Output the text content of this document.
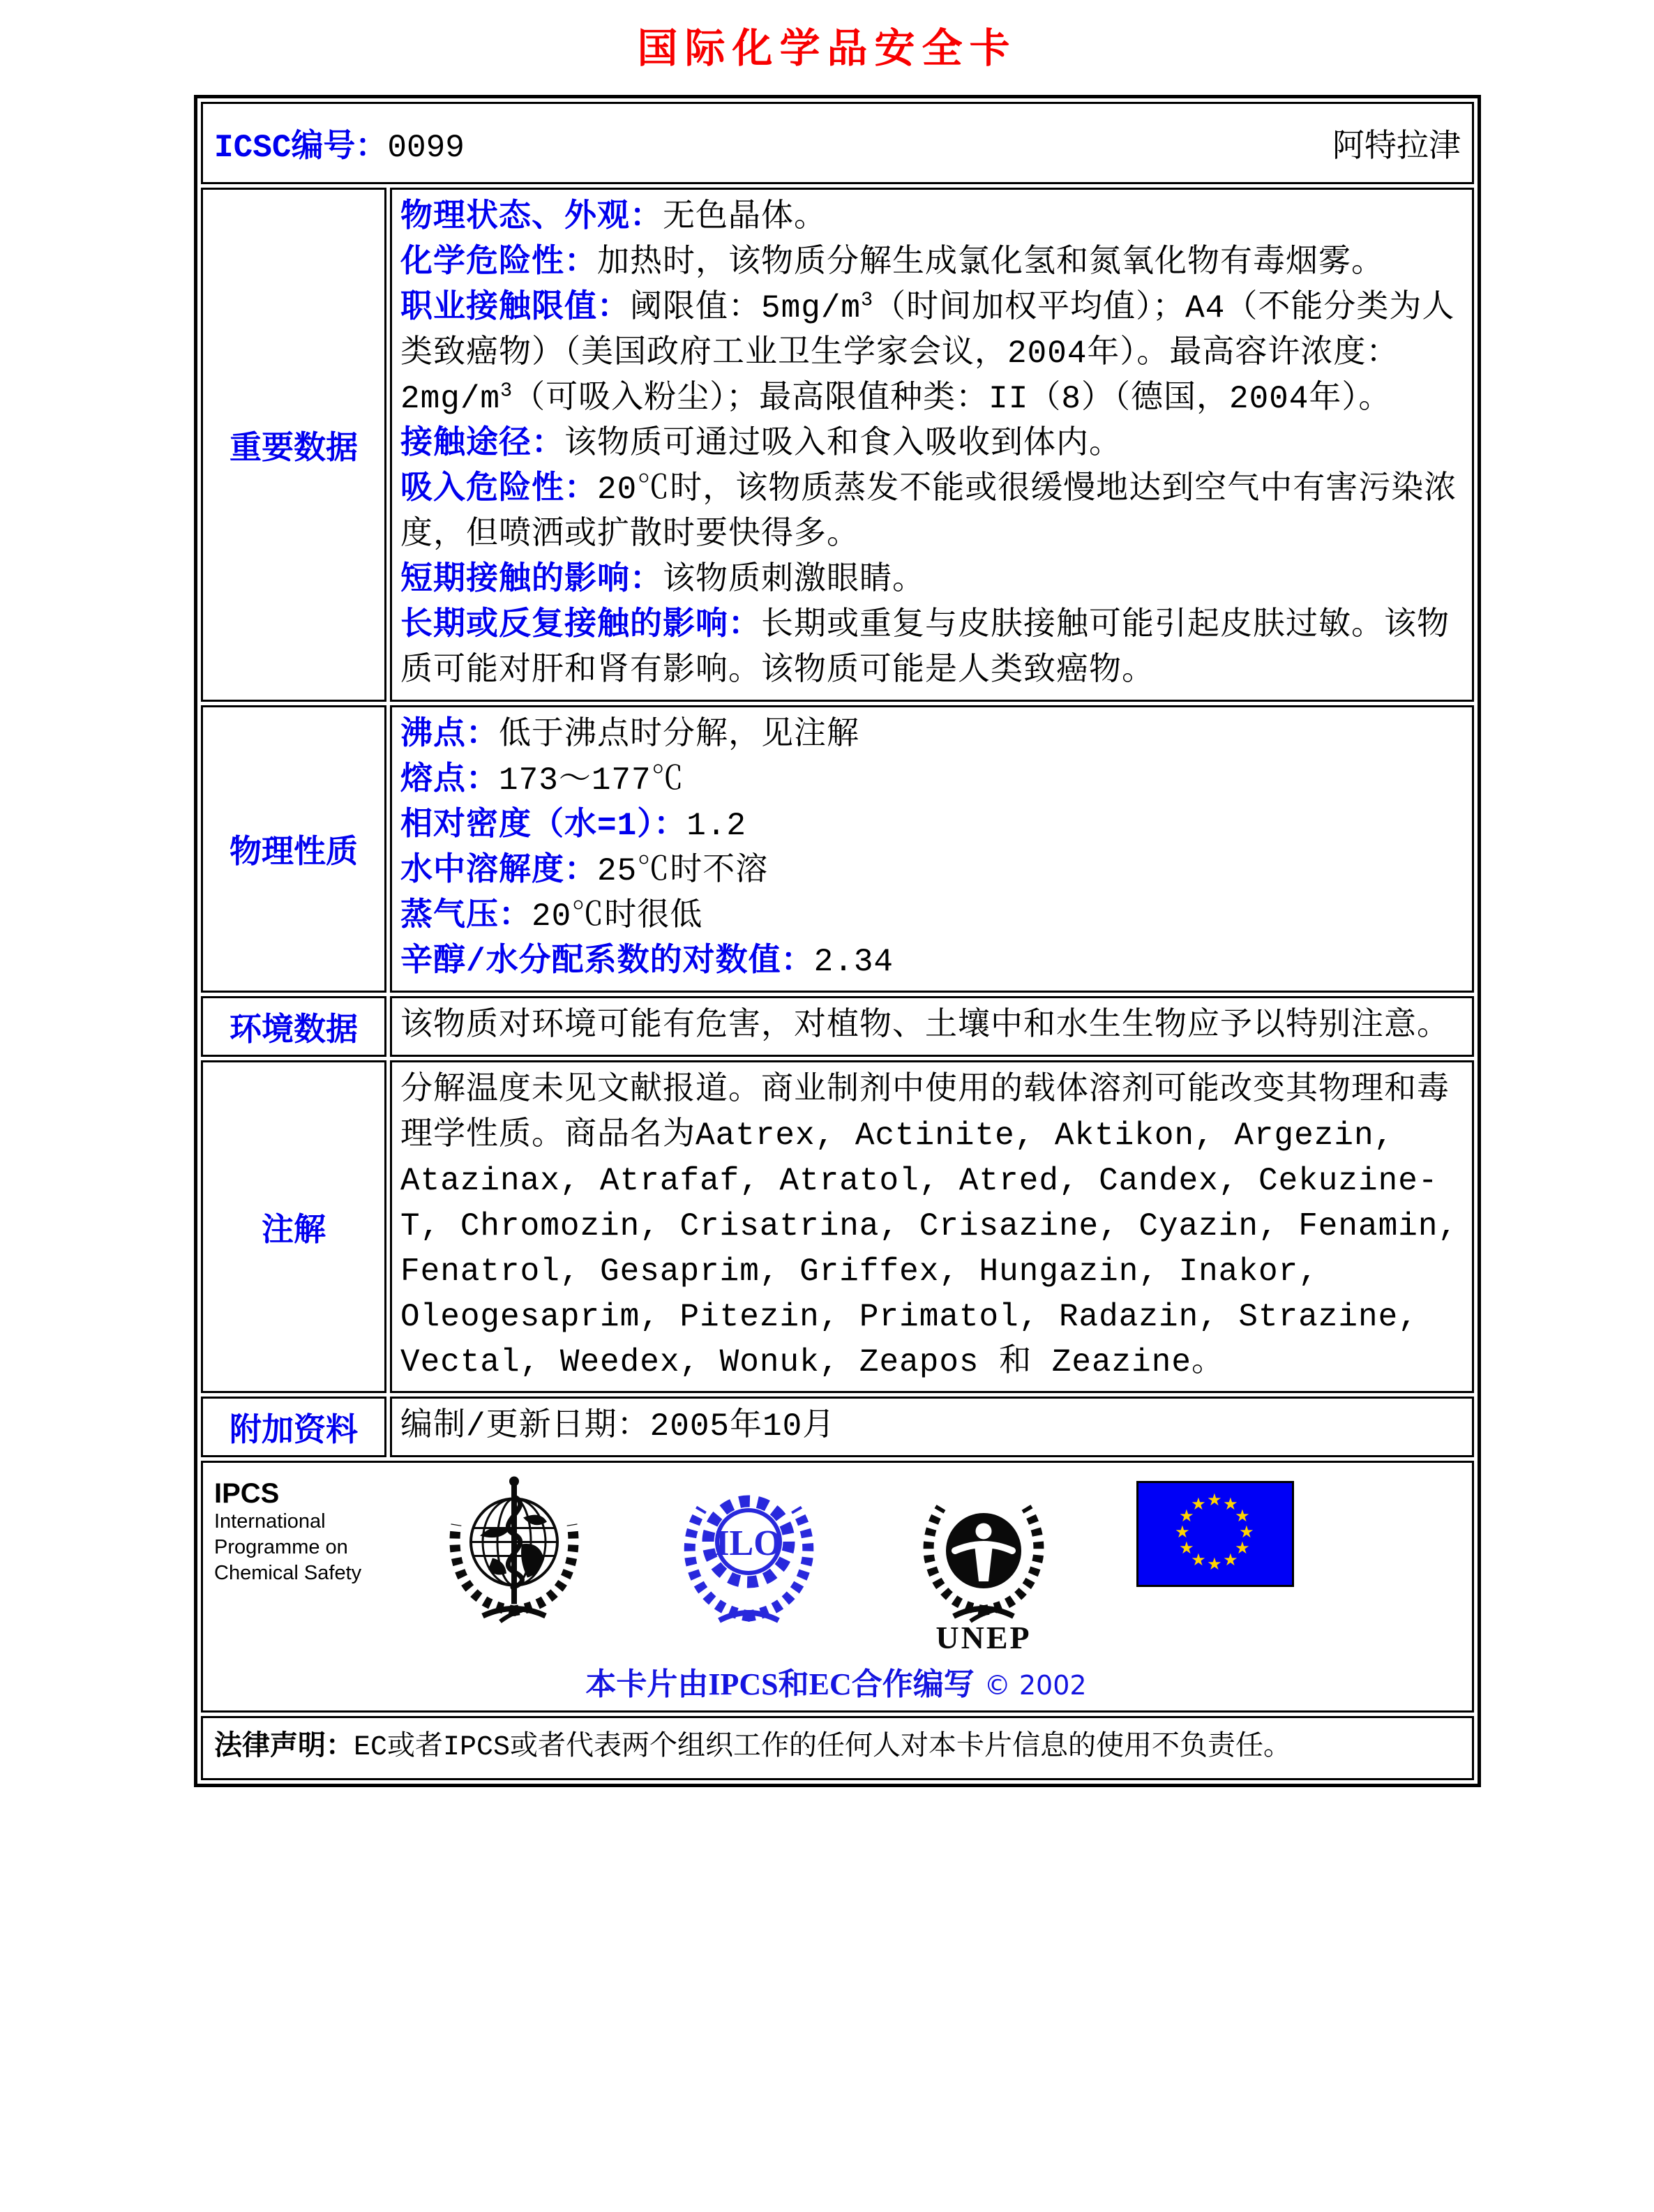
国际化学品安全卡
ICSC编号：0099 阿特拉津	

重要数据	
物理状态、外观：无色晶体。
化学危险性：加热时，该物质分解生成氯化氢和氮氧化物有毒烟雾。
职业接触限值：阈限值：$5mg/m^3$（时间加权平均值）；A4（不能分类为人类致癌物）（美国政府工业卫生学家会议，2004年）。最高容许浓度：$2mg/m^3$（可吸入粉尘）；最高限值种类：II（8）（德国，2004年）。
接触途径：该物质可通过吸入和食入吸收到体内。
吸入危险性：20℃时，该物质蒸发不能或很缓慢地达到空气中有害污染浓度，但喷洒或扩散时要快得多。
短期接触的影响：该物质刺激眼睛。
长期或反复接触的影响：长期或重复与皮肤接触可能引起皮肤过敏。该物质可能对肝和肾有影响。该物质可能是人类致癌物。

物理性质	
沸点：低于沸点时分解，见注解
熔点：173～177℃
相对密度（水=1）：1.2
水中溶解度：25℃时不溶
蒸气压：20℃时很低
辛醇/水分配系数的对数值：2.34

环境数据	该物质对环境可能有危害，对植物、土壤中和水生生物应予以特别注意。
注解	分解温度未见文献报道。商业制剂中使用的载体溶剂可能改变其物理和毒理学性质。商品名为Aatrex, Actinite, Aktikon, Argezin, Atazinax, Atrafaf, Atratol, Atred, Candex, Cekuzine-T, Chromozin, Crisatrina, Crisazine, Cyazin, Fenamin, Fenatrol, Gesaprim, Griffex, Hungazin, Inakor, Oleogesaprim, Pitezin, Primatol, Radazin, Strazine, Vectal, Weedex, Wonuk, Zeapos 和 Zeazine。
附加资料	编制/更新日期：2005年10月

IPCS
International
Programme on
Chemical Safety
ILO
UNEP
★ ★
★
★
★
★
★
★
★
★
★
★
本卡片由IPCS和EC合作编写 © 2002

法律声明：EC或者IPCS或者代表两个组织工作的任何人对本卡片信息的使用不负责任。	
